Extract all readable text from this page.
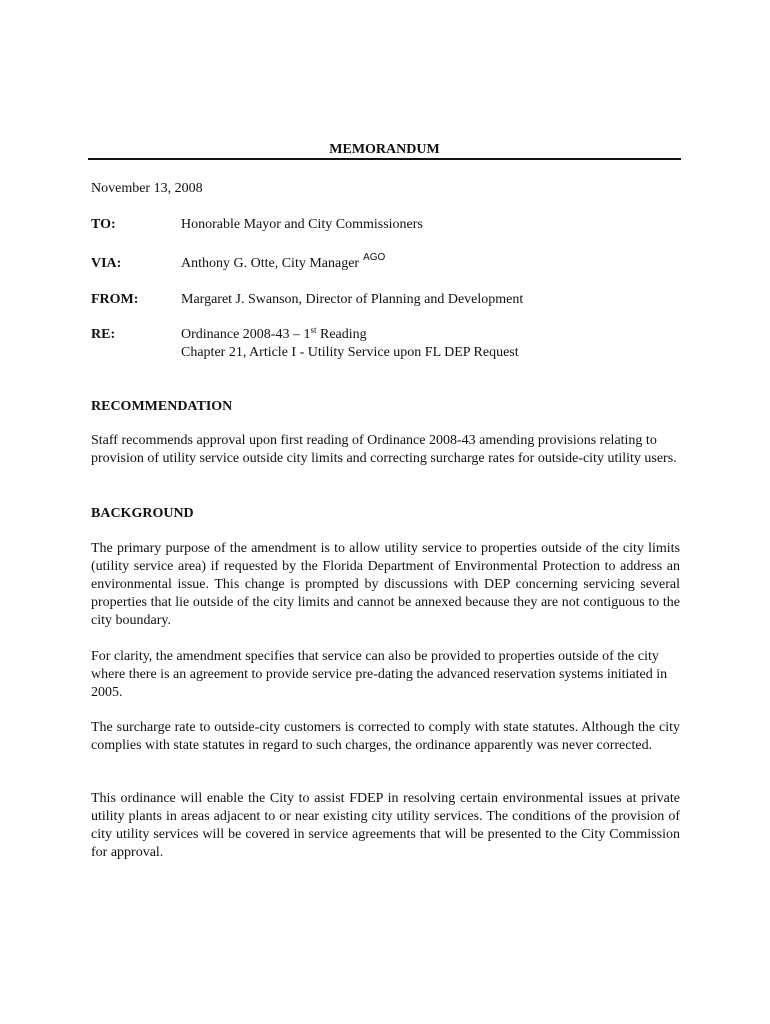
MEMORANDUM
November 13, 2008
TO:	Honorable Mayor and City Commissioners
VIA:	Anthony G. Otte, City Manager $^{AGO}$
FROM:	Margaret J. Swanson, Director of Planning and Development
RE:	Ordinance 2008-43 – 1st Reading
Chapter 21, Article I - Utility Service upon FL DEP Request
RECOMMENDATION
Staff recommends approval upon first reading of Ordinance 2008-43 amending provisions relating to provision of utility service outside city limits and correcting surcharge rates for outside-city utility users.
BACKGROUND
The primary purpose of the amendment is to allow utility service to properties outside of the city limits (utility service area) if requested by the Florida Department of Environmental Protection to address an environmental issue. This change is prompted by discussions with DEP concerning servicing several properties that lie outside of the city limits and cannot be annexed because they are not contiguous to the city boundary.
For clarity, the amendment specifies that service can also be provided to properties outside of the city where there is an agreement to provide service pre-dating the advanced reservation systems initiated in 2005.
The surcharge rate to outside-city customers is corrected to comply with state statutes. Although the city complies with state statutes in regard to such charges, the ordinance apparently was never corrected.
This ordinance will enable the City to assist FDEP in resolving certain environmental issues at private utility plants in areas adjacent to or near existing city utility services. The conditions of the provision of city utility services will be covered in service agreements that will be presented to the City Commission for approval.
